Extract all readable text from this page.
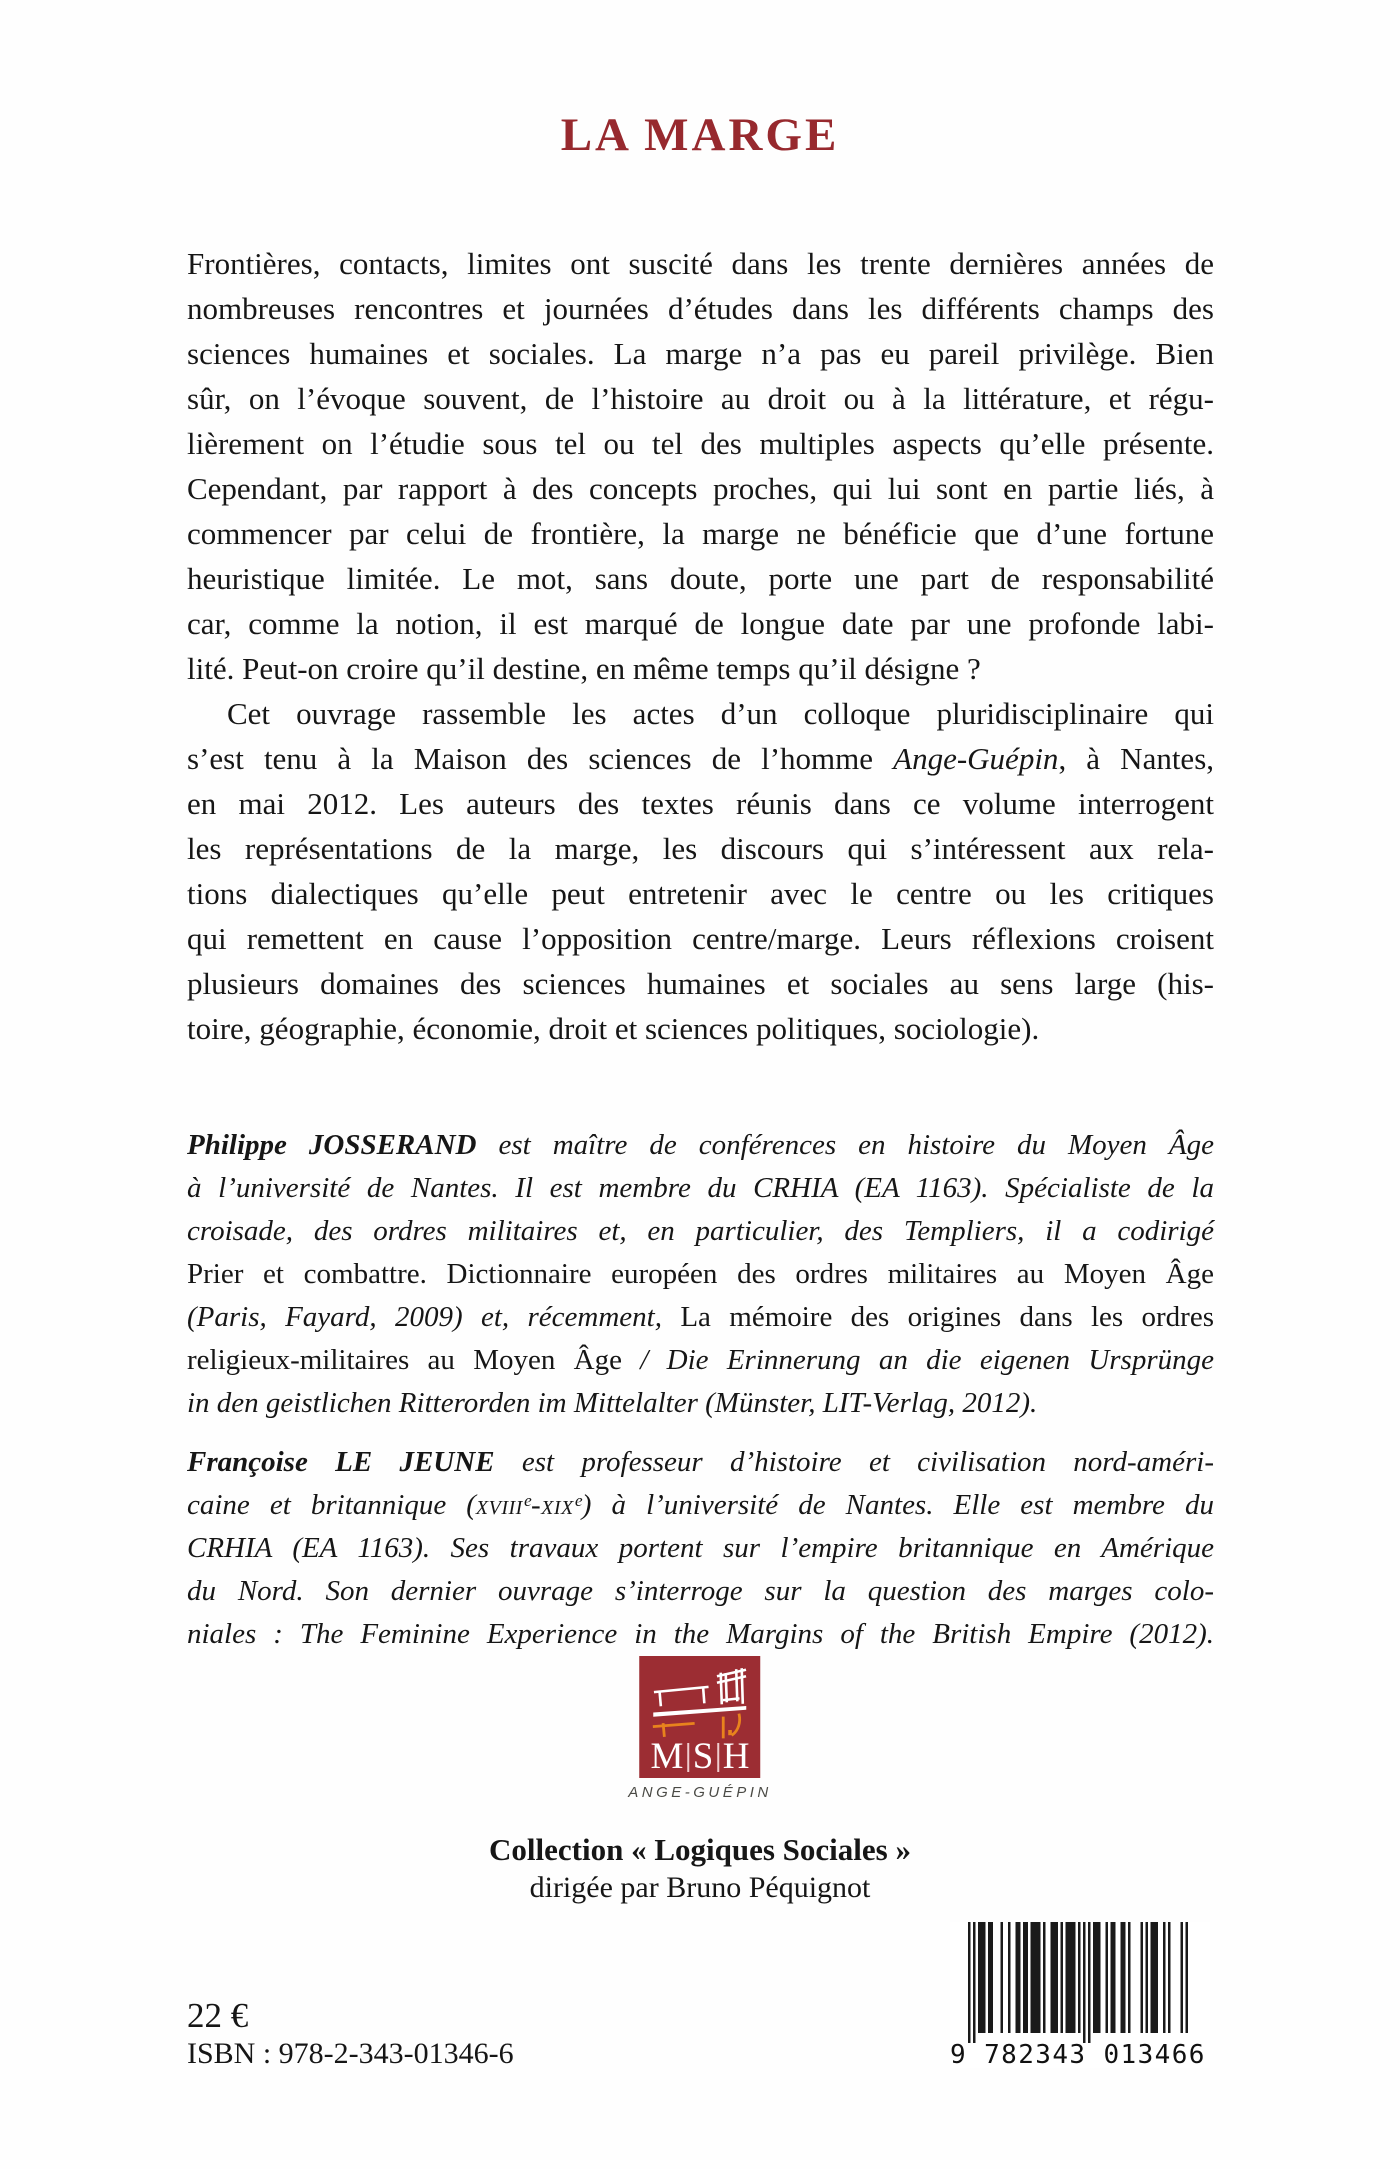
LA MARGE
Frontières, contacts, limites ont suscité dans les trente dernières années de
nombreuses rencontres et journées d’études dans les différents champs des
sciences humaines et sociales. La marge n’a pas eu pareil privilège. Bien
sûr, on l’évoque souvent, de l’histoire au droit ou à la littérature, et régu-
lièrement on l’étudie sous tel ou tel des multiples aspects qu’elle présente.
Cependant, par rapport à des concepts proches, qui lui sont en partie liés, à
commencer par celui de frontière, la marge ne bénéficie que d’une fortune
heuristique limitée. Le mot, sans doute, porte une part de responsabilité
car, comme la notion, il est marqué de longue date par une profonde labi-
lité. Peut-on croire qu’il destine, en même temps qu’il désigne ?
Cet ouvrage rassemble les actes d’un colloque pluridisciplinaire qui
s’est tenu à la Maison des sciences de l’homme Ange-Guépin, à Nantes,
en mai 2012. Les auteurs des textes réunis dans ce volume interrogent
les représentations de la marge, les discours qui s’intéressent aux rela-
tions dialectiques qu’elle peut entretenir avec le centre ou les critiques
qui remettent en cause l’opposition centre/marge. Leurs réflexions croisent
plusieurs domaines des sciences humaines et sociales au sens large (his-
toire, géographie, économie, droit et sciences politiques, sociologie).
Philippe JOSSERAND est maître de conférences en histoire du Moyen Âge
à l’université de Nantes. Il est membre du CRHIA (EA 1163). Spécialiste de la
croisade, des ordres militaires et, en particulier, des Templiers, il a codirigé
Prier et combattre. Dictionnaire européen des ordres militaires au Moyen Âge
(Paris, Fayard, 2009) et, récemment, La mémoire des origines dans les ordres
religieux-militaires au Moyen Âge / Die Erinnerung an die eigenen Ursprünge
in den geistlichen Ritterorden im Mittelalter (Münster, LIT-Verlag, 2012).
Françoise LE JEUNE est professeur d’histoire et civilisation nord-améri-
caine et britannique (xviiiᵉ-xixᵉ) à l’université de Nantes. Elle est membre du
CRHIA (EA 1163). Ses travaux portent sur l’empire britannique en Amérique
du Nord. Son dernier ouvrage s’interroge sur la question des marges colo-
niales : The Feminine Experience in the Margins of the British Empire (2012).
M S H
ANGE-GUÉPIN
Collection « Logiques Sociales »
dirigée par Bruno Péquignot
22 €
ISBN : 978-2-343-01346-6	9 782343 013466
